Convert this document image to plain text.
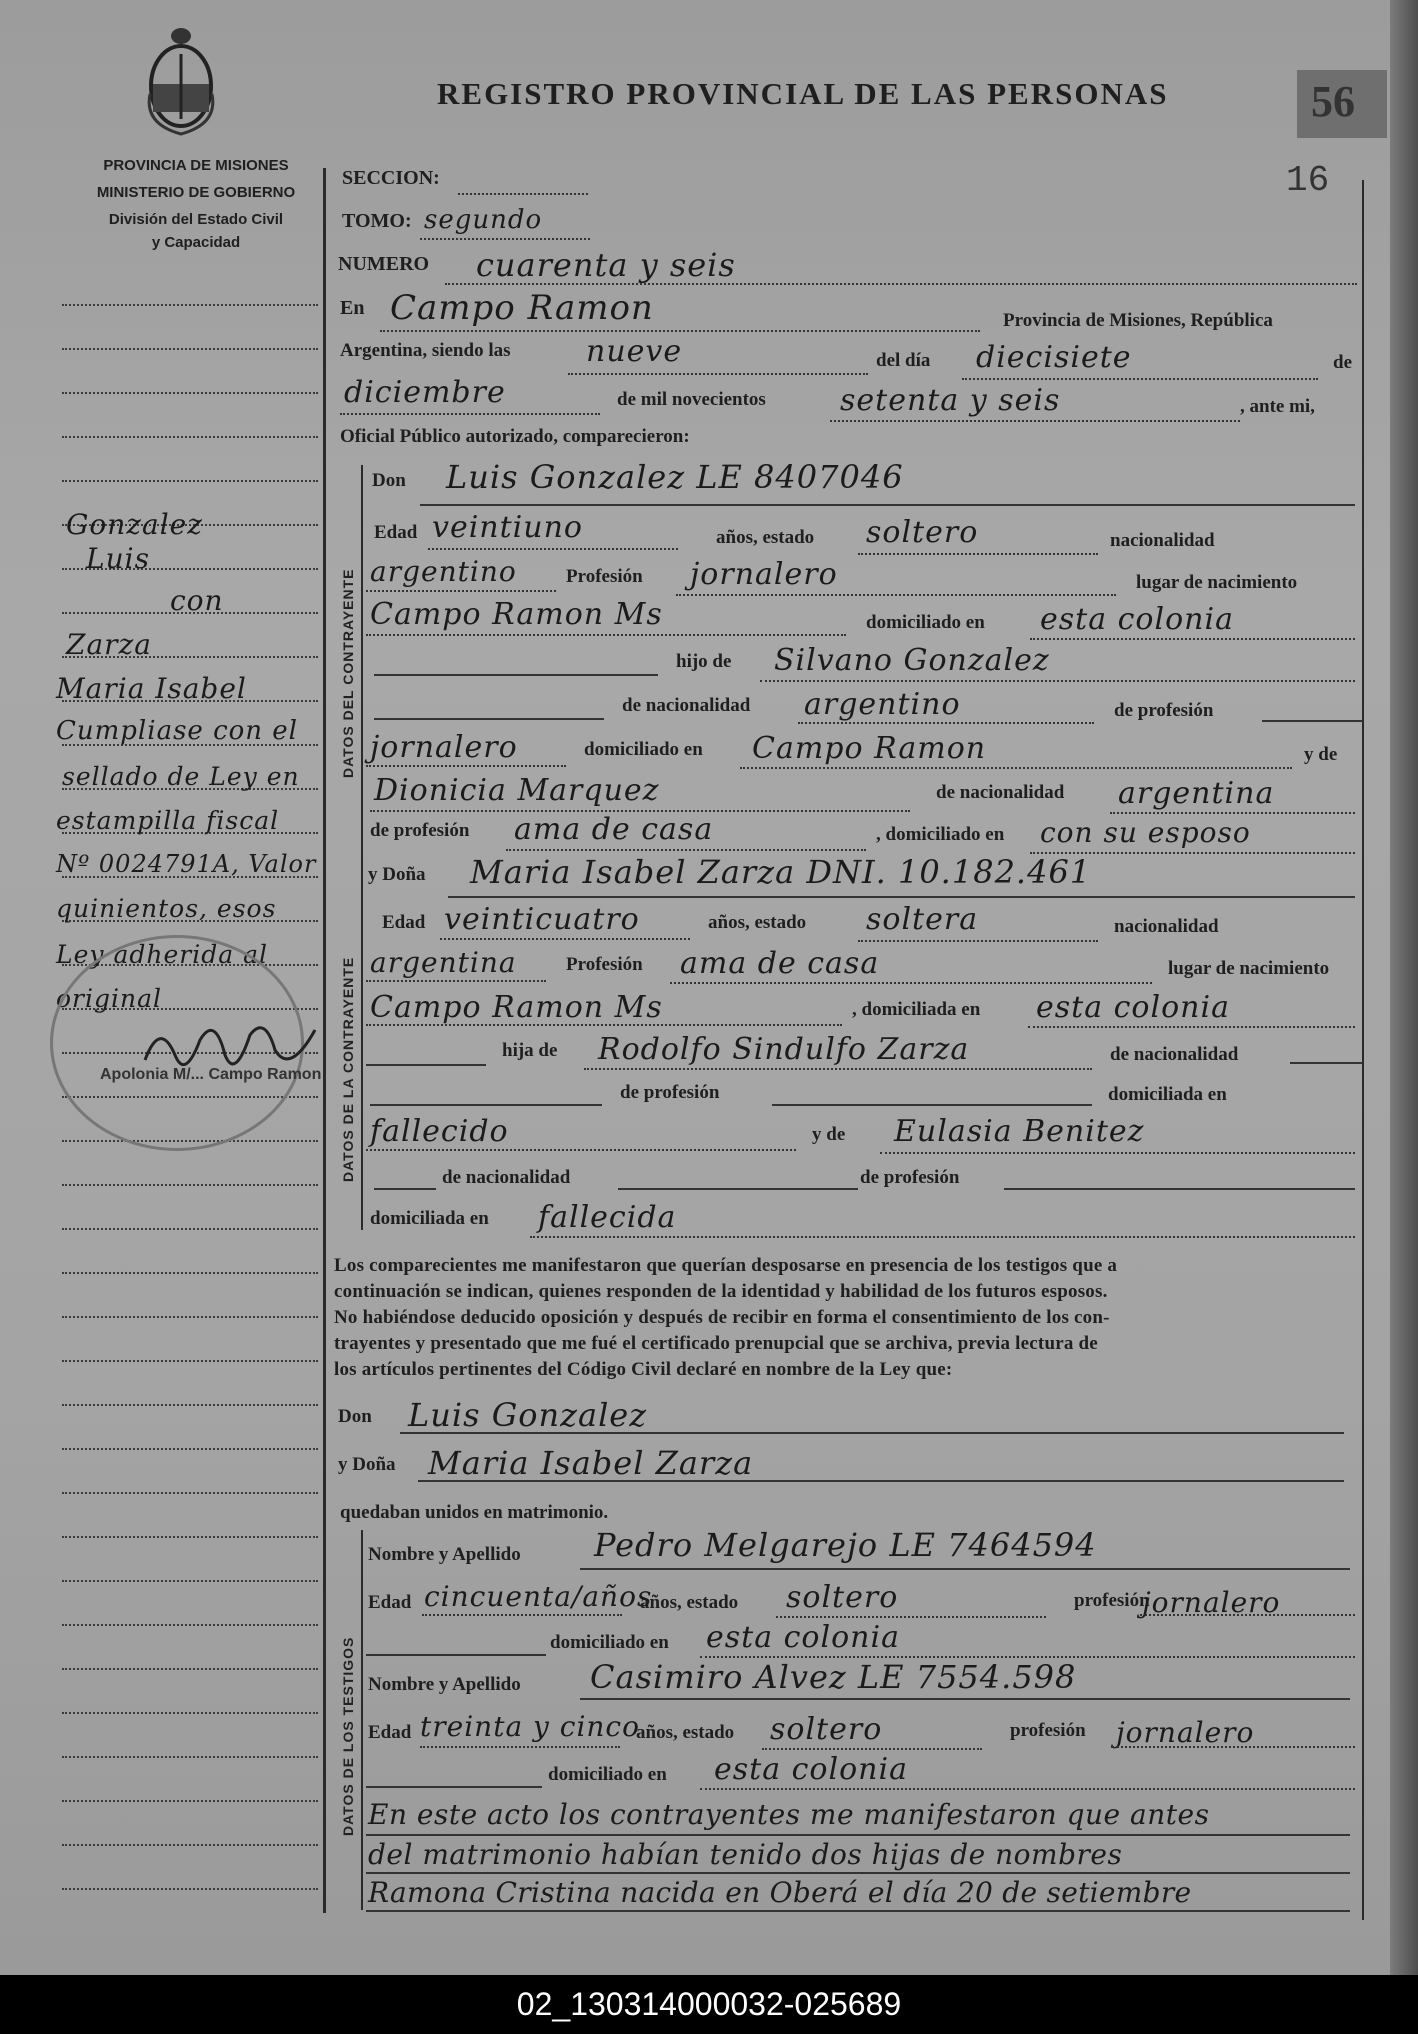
REGISTRO PROVINCIAL DE LAS PERSONAS	56
16
PROVINCIA DE MISIONES
MINISTERIO DE GOBIERNO
División del Estado Civil
y Capacidad
Gonzalez
Luis
con
Zarza
Maria Isabel
Cumpliase con el
sellado de Ley en
estampilla fiscal
Nº 0024791A, Valor
quinientos, esos
Ley adherida al
original
Apolonia M/... Campo Ramon
DATOS DEL CONTRAYENTE
DATOS DE LA CONTRAYENTE
DATOS DE LOS TESTIGOS
SECCION:
TOMO: segundo
NUMERO cuarenta y seis
En Campo Ramon	Provincia de Misiones, República
Argentina, siendo las	nueve	del día diecisiete	de
diciembre	de mil novecientos setenta y seis	, ante mi,
Oficial Público autorizado, comparecieron:
Don Luis Gonzalez LE 8407046
Edad veintiuno	años, estado soltero	nacionalidad
argentino	Profesión jornalero	lugar de nacimiento
Campo Ramon Ms	domiciliado en esta colonia
hijo de Silvano Gonzalez
de nacionalidad argentino	de profesión
jornalero	domiciliado en Campo Ramon	y de
Dionicia Marquez	de nacionalidad argentina
de profesión ama de casa	, domiciliado en con su esposo
y Doña Maria Isabel Zarza DNI. 10.182.461
Edad veinticuatro	años, estado soltera	nacionalidad
argentina	Profesión ama de casa	lugar de nacimiento
Campo Ramon Ms	, domiciliada en esta colonia
hija de Rodolfo Sindulfo Zarza	de nacionalidad
de profesión	domiciliada en
fallecido	y de Eulasia Benitez
de nacionalidad	de profesión
domiciliada en fallecida
Los comparecientes me manifestaron que querían desposarse en presencia de los testigos que a
continuación se indican, quienes responden de la identidad y habilidad de los futuros esposos.
No habiéndose deducido oposición y después de recibir en forma el consentimiento de los con-
trayentes y presentado que me fué el certificado prenupcial que se archiva, previa lectura de
los artículos pertinentes del Código Civil declaré en nombre de la Ley que:
Don Luis Gonzalez
y Doña Maria Isabel Zarza
quedaban unidos en matrimonio.
Nombre y Apellido Pedro Melgarejo LE 7464594
Edad cincuenta/años
años, estado soltero	profesión
jornalero
domiciliado en esta colonia
Nombre y Apellido Casimiro Alvez LE 7554.598
Edad treinta y cinco
años, estado soltero	profesión jornalero
domiciliado en esta colonia
En este acto los contrayentes me manifestaron que antes
del matrimonio habían tenido dos hijas de nombres
Ramona Cristina nacida en Oberá el día 20 de setiembre
02_130314000032-025689
